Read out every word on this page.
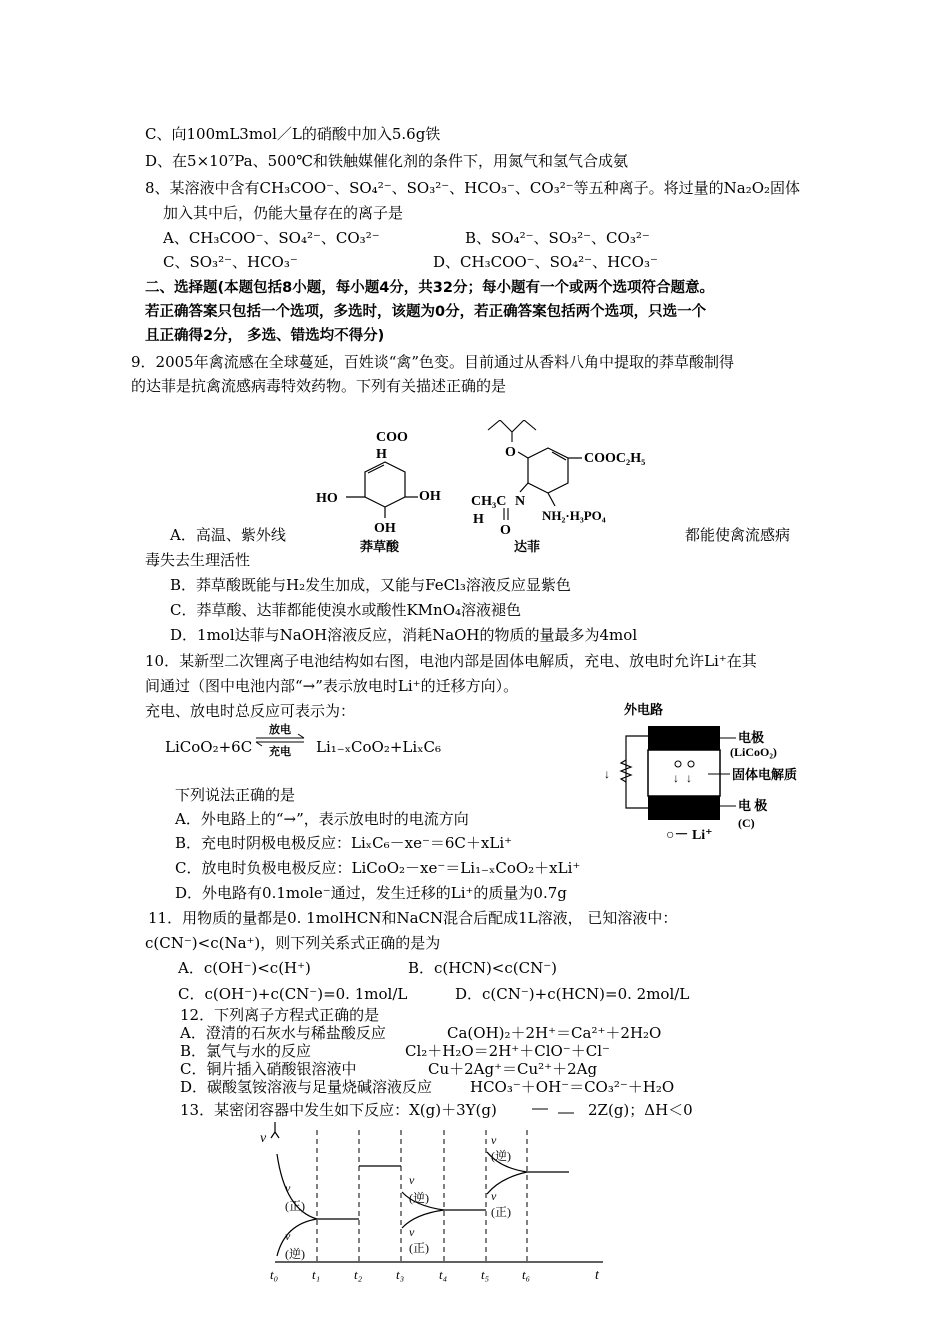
C、向100mL3mol／L的硝酸中加入5.6g铁
D、在5×10⁷Pa、500℃和铁触媒催化剂的条件下，用氮气和氢气合成氨
8、某溶液中含有CH₃COO⁻、SO₄²⁻、SO₃²⁻、HCO₃⁻、CO₃²⁻等五种离子。将过量的Na₂O₂固体
加入其中后，仍能大量存在的离子是
A、CH₃COO⁻、SO₄²⁻、CO₃²⁻	B、SO₄²⁻、SO₃²⁻、CO₃²⁻
C、SO₃²⁻、HCO₃⁻	D、CH₃COO⁻、SO₄²⁻、HCO₃⁻
二、选择题(本题包括8小题，每小题4分，共32分；每小题有一个或两个选项符合题意。
若正确答案只包括一个选项，多选时，该题为0分，若正确答案包括两个选项，只选一个
且正确得2分， 多选、错选均不得分)
9．2005年禽流感在全球蔓延，百姓谈“禽”色变。目前通过从香料八角中提取的莽草酸制得
的达菲是抗禽流感病毒特效药物。下列有关描述正确的是
COO
H
HO	OH
OH
莽草酸
O	COOC₂H₅
CH₃C N
H
O
NH₂·H₃PO₄
达菲
A．高温、紫外线	都能使禽流感病
毒失去生理活性
B．莽草酸既能与H₂发生加成，又能与FeCl₃溶液反应显紫色
C．莽草酸、达菲都能使溴水或酸性KMnO₄溶液褪色
D．1mol达菲与NaOH溶液反应，消耗NaOH的物质的量最多为4mol
10．某新型二次锂离子电池结构如右图，电池内部是固体电解质，充电、放电时允许Li⁺在其
间通过（图中电池内部“→”表示放电时Li⁺的迁移方向）。
充电、放电时总反应可表示为：
LiCoO₂+6C
放电
充电 Li₁₋ₓCoO₂+LiₓC₆
外电路
↓	↓ ↓
电极
(LiCoO₂)
固体电解质
电 极
(C)
○－ Li⁺
下列说法正确的是
A．外电路上的“→”，表示放电时的电流方向
B．充电时阴极电极反应：LiₓC₆－xe⁻＝6C＋xLi⁺
C．放电时负极电极反应：LiCoO₂－xe⁻＝Li₁₋ₓCoO₂＋xLi⁺
D．外电路有0.1mole⁻通过，发生迁移的Li⁺的质量为0.7g
11．用物质的量都是0. 1molHCN和NaCN混合后配成1L溶液， 已知溶液中：
c(CN⁻)<c(Na⁺)，则下列关系式正确的是为
A．c(OH⁻)<c(H⁺)	B．c(HCN)<c(CN⁻)
C．c(OH⁻)+c(CN⁻)=0. 1mol/L	D．c(CN⁻)+c(HCN)=0. 2mol/L
12．下列离子方程式正确的是
A．澄清的石灰水与稀盐酸反应	Ca(OH)₂＋2H⁺＝Ca²⁺＋2H₂O
B．氯气与水的反应	Cl₂＋H₂O＝2H⁺＋ClO⁻＋Cl⁻
C．铜片插入硝酸银溶液中	Cu＋2Ag⁺＝Cu²⁺＋2Ag
D．碳酸氢铵溶液与足量烧碱溶液反应	HCO₃⁻＋OH⁻＝CO₃²⁻＋H₂O
13．某密闭容器中发生如下反应：X(g)＋3Y(g)	2Z(g)；ΔH＜0
v
t
v
(正)
v
(逆)
v
(逆)
v
(正)
v
(逆)
v
(正)
t₀	t₁	t₂	t₃	t₄	t₅	t₆
